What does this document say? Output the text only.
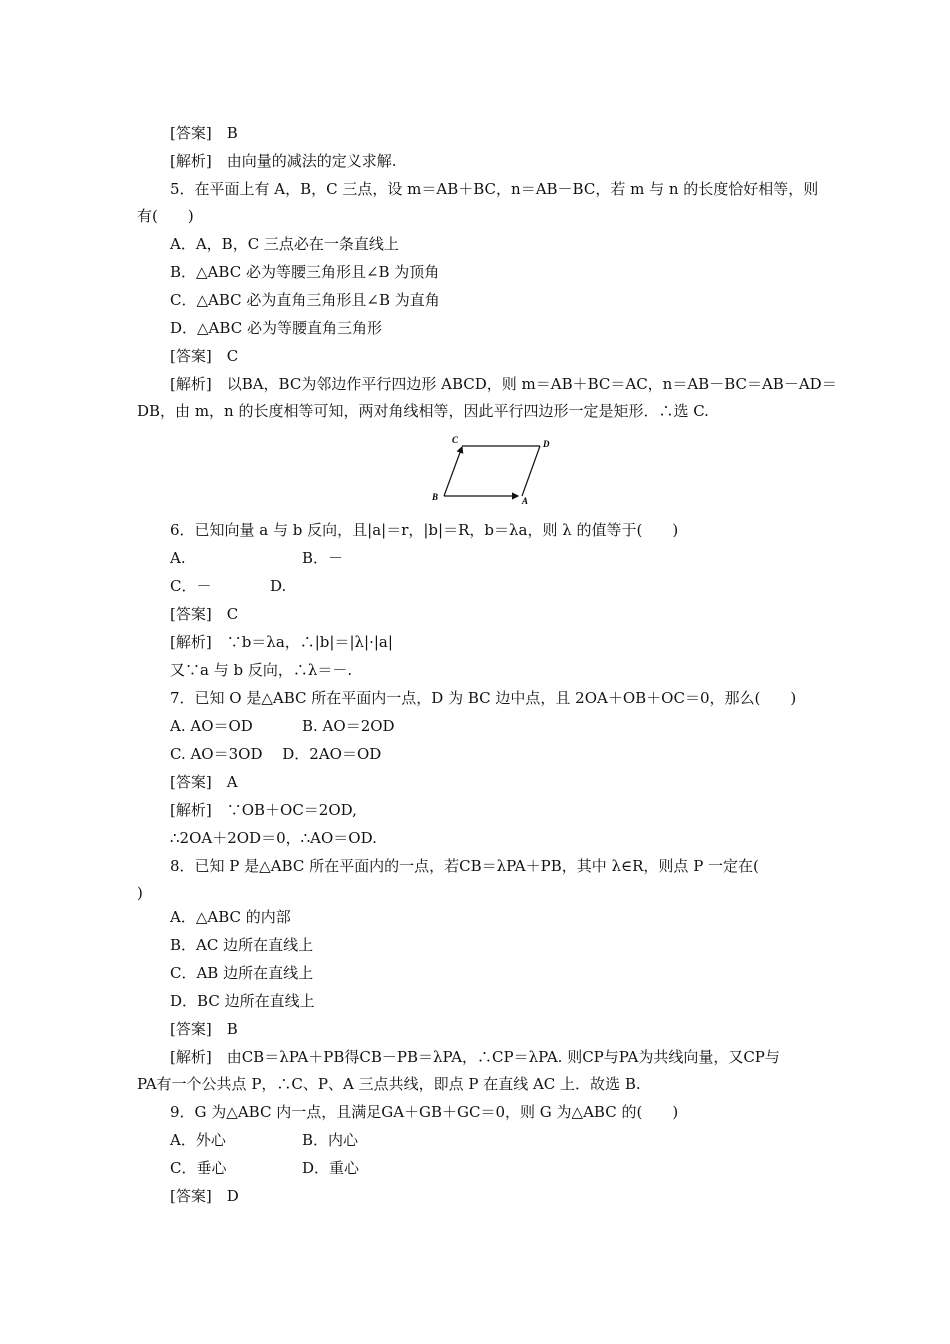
[答案]　B
[解析]　由向量的减法的定义求解.
5．在平面上有 A，B，C 三点，设 m＝AB＋BC，n＝AB－BC，若 m 与 n 的长度恰好相等，则
有(　　)
A．A，B，C 三点必在一条直线上
B．△ABC 必为等腰三角形且∠B 为顶角
C．△ABC 必为直角三角形且∠B 为直角
D．△ABC 必为等腰直角三角形
[答案]　C
[解析]　以BA，BC为邻边作平行四边形 ABCD，则 m＝AB＋BC＝AC，n＝AB－BC＝AB－AD＝
DB，由 m，n 的长度相等可知，两对角线相等，因此平行四边形一定是矩形．∴选 C.
C	D
B	A
6．已知向量 a 与 b 反向，且|a|＝r，|b|＝R，b＝λa，则 λ 的值等于(　　)
A.	B．－
C．－	D.
[答案]　C
[解析]　∵b＝λa，∴|b|＝|λ|·|a|
又∵a 与 b 反向，∴λ＝－.
7．已知 O 是△ABC 所在平面内一点，D 为 BC 边中点，且 2OA＋OB＋OC＝0，那么(　　)
A. AO＝OD	B. AO＝2OD
C. AO＝3OD　 D．2AO＝OD
[答案]　A
[解析]　∵OB＋OC＝2OD,
∴2OA＋2OD＝0，∴AO＝OD.
8．已知 P 是△ABC 所在平面内的一点，若CB＝λPA＋PB，其中 λ∈R，则点 P 一定在(
)
A．△ABC 的内部
B．AC 边所在直线上
C．AB 边所在直线上
D．BC 边所在直线上
[答案]　B
[解析]　由CB＝λPA＋PB得CB－PB＝λPA，∴CP＝λPA. 则CP与PA为共线向量，又CP与
PA有一个公共点 P，∴C、P、A 三点共线，即点 P 在直线 AC 上．故选 B.
9．G 为△ABC 内一点，且满足GA＋GB＋GC＝0，则 G 为△ABC 的(　　)
A．外心	B．内心
C．垂心	D．重心
[答案]　D
